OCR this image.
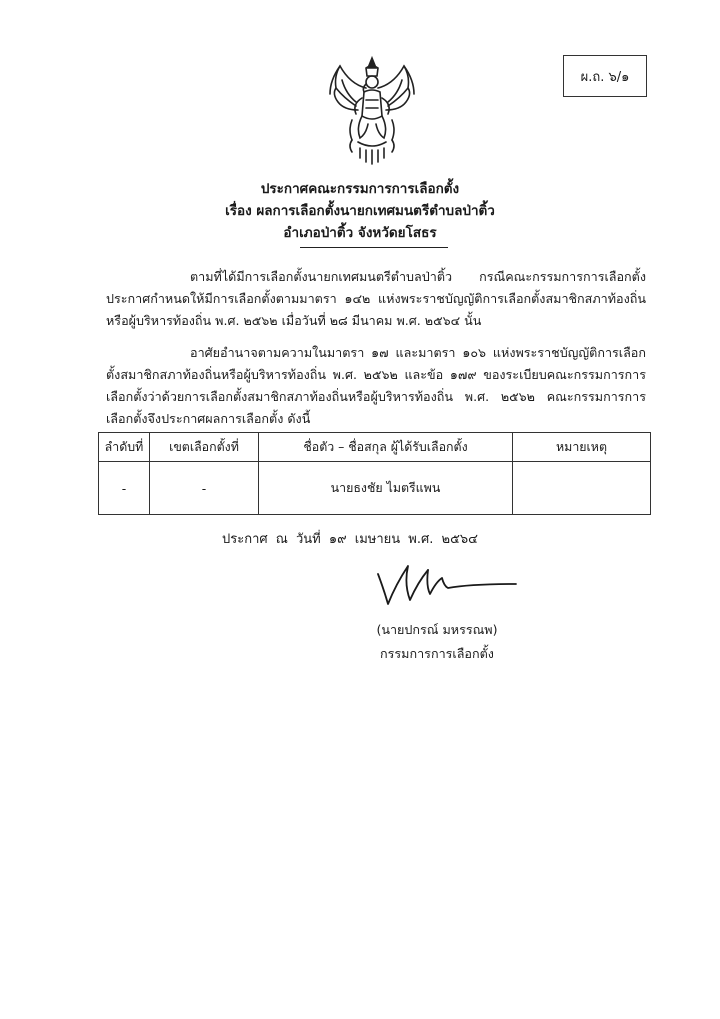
ผ.ถ. ๖/๑
ประกาศคณะกรรมการการเลือกตั้ง
เรื่อง ผลการเลือกตั้งนายกเทศมนตรีตำบลป่าติ้ว
อำเภอป่าติ้ว จังหวัดยโสธร
ตามที่ได้มีการเลือกตั้งนายกเทศมนตรีตำบลป่าติ้ว กรณีคณะกรรมการการเลือกตั้งประกาศกำหนดให้มีการเลือกตั้งตามมาตรา ๑๔๒ แห่งพระราชบัญญัติการเลือกตั้งสมาชิกสภาท้องถิ่นหรือผู้บริหารท้องถิ่น พ.ศ. ๒๕๖๒ เมื่อวันที่ ๒๘ มีนาคม พ.ศ. ๒๕๖๔ นั้น
อาศัยอำนาจตามความในมาตรา ๑๗ และมาตรา ๑๐๖ แห่งพระราชบัญญัติการเลือกตั้งสมาชิกสภาท้องถิ่นหรือผู้บริหารท้องถิ่น พ.ศ. ๒๕๖๒ และข้อ ๑๗๙ ของระเบียบคณะกรรมการการเลือกตั้งว่าด้วยการเลือกตั้งสมาชิกสภาท้องถิ่นหรือผู้บริหารท้องถิ่น พ.ศ. ๒๕๖๒ คณะกรรมการการเลือกตั้งจึงประกาศผลการเลือกตั้ง ดังนี้
ลำดับที่	เขตเลือกตั้งที่	ชื่อตัว – ชื่อสกุล ผู้ได้รับเลือกตั้ง	หมายเหตุ
-	-	นายธงชัย ไมตรีแพน	
ประกาศ ณ วันที่ ๑๙ เมษายน พ.ศ. ๒๕๖๔
(นายปกรณ์ มหรรณพ)
กรรมการการเลือกตั้ง
